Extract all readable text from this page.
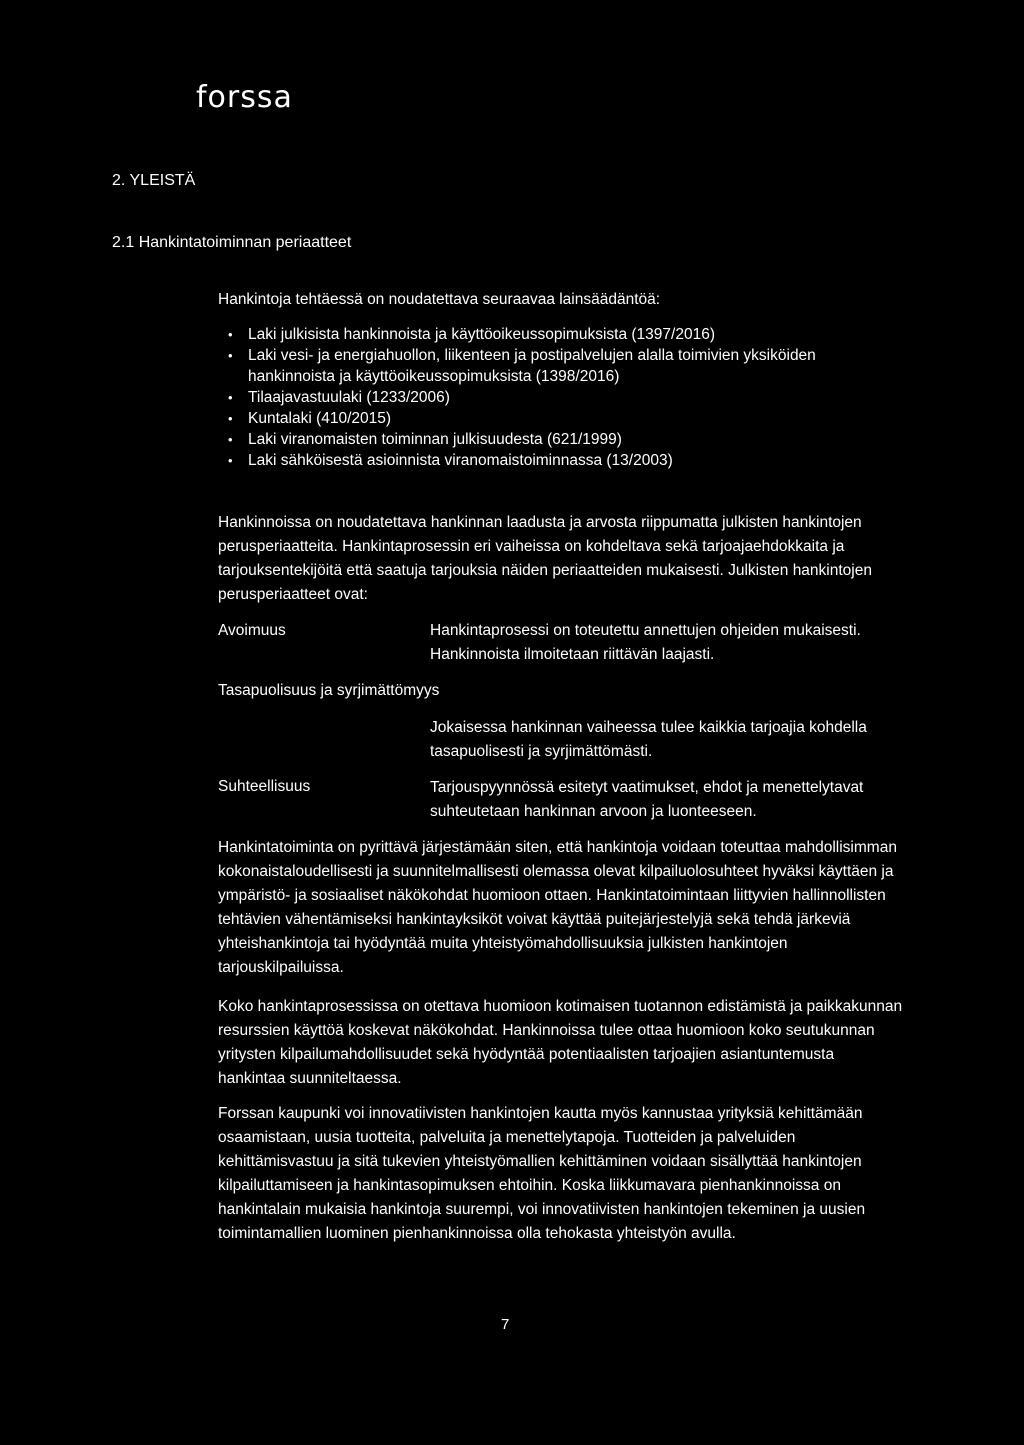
forssa
2. YLEISTÄ
2.1 Hankintatoiminnan periaatteet
Hankintoja tehtäessä on noudatettava seuraavaa lainsäädäntöä:
• Laki julkisista hankinnoista ja käyttöoikeussopimuksista (1397/2016)
• Laki vesi- ja energiahuollon, liikenteen ja postipalvelujen alalla toimivien yksiköiden hankinnoista ja käyttöoikeussopimuksista (1398/2016)
• Tilaajavastuulaki (1233/2006)
• Kuntalaki (410/2015)
• Laki viranomaisten toiminnan julkisuudesta (621/1999)
• Laki sähköisestä asioinnista viranomaistoiminnassa (13/2003)

Hankinnoissa on noudatettava hankinnan laadusta ja arvosta riippumatta julkisten hankintojen perusperiaatteita. Hankintaprosessin eri vaiheissa on kohdeltava sekä tarjoajaehdokkaita ja tarjouksentekijöitä että saatuja tarjouksia näiden periaatteiden mukaisesti. Julkisten hankintojen perusperiaatteet ovat:

Avoimuus	Hankintaprosessi on toteutettu annettujen ohjeiden mukaisesti. Hankinnoista ilmoitetaan riittävän laajasti.
Tasapuolisuus ja syrjimättömyys
Jokaisessa hankinnan vaiheessa tulee kaikkia tarjoajia kohdella tasapuolisesti ja syrjimättömästi.
Suhteellisuus	Tarjouspyynnössä esitetyt vaatimukset, ehdot ja menettelytavat suhteutetaan hankinnan arvoon ja luonteeseen.

Hankintatoiminta on pyrittävä järjestämään siten, että hankintoja voidaan toteuttaa mahdollisimman kokonaistaloudellisesti ja suunnitelmallisesti olemassa olevat kilpailuolosuhteet hyväksi käyttäen ja ympäristö- ja sosiaaliset näkökohdat huomioon ottaen. Hankintatoimintaan liittyvien hallinnollisten tehtävien vähentämiseksi hankintayksiköt voivat käyttää puitejärjestelyjä sekä tehdä järkeviä yhteishankintoja tai hyödyntää muita yhteistyömahdollisuuksia julkisten hankintojen tarjouskilpailuissa.

Koko hankintaprosessissa on otettava huomioon kotimaisen tuotannon edistämistä ja paikkakunnan resurssien käyttöä koskevat näkökohdat. Hankinnoissa tulee ottaa huomioon koko seutukunnan yritysten kilpailumahdollisuudet sekä hyödyntää potentiaalisten tarjoajien asiantuntemusta hankintaa suunniteltaessa.

Forssan kaupunki voi innovatiivisten hankintojen kautta myös kannustaa yrityksiä kehittämään osaamistaan, uusia tuotteita, palveluita ja menettelytapoja. Tuotteiden ja palveluiden kehittämisvastuu ja sitä tukevien yhteistyömallien kehittäminen voidaan sisällyttää hankintojen kilpailuttamiseen ja hankintasopimuksen ehtoihin. Koska liikkumavara pienhankinnoissa on hankintalain mukaisia hankintoja suurempi, voi innovatiivisten hankintojen tekeminen ja uusien toimintamallien luominen pienhankinnoissa olla tehokasta yhteistyön avulla.

7
